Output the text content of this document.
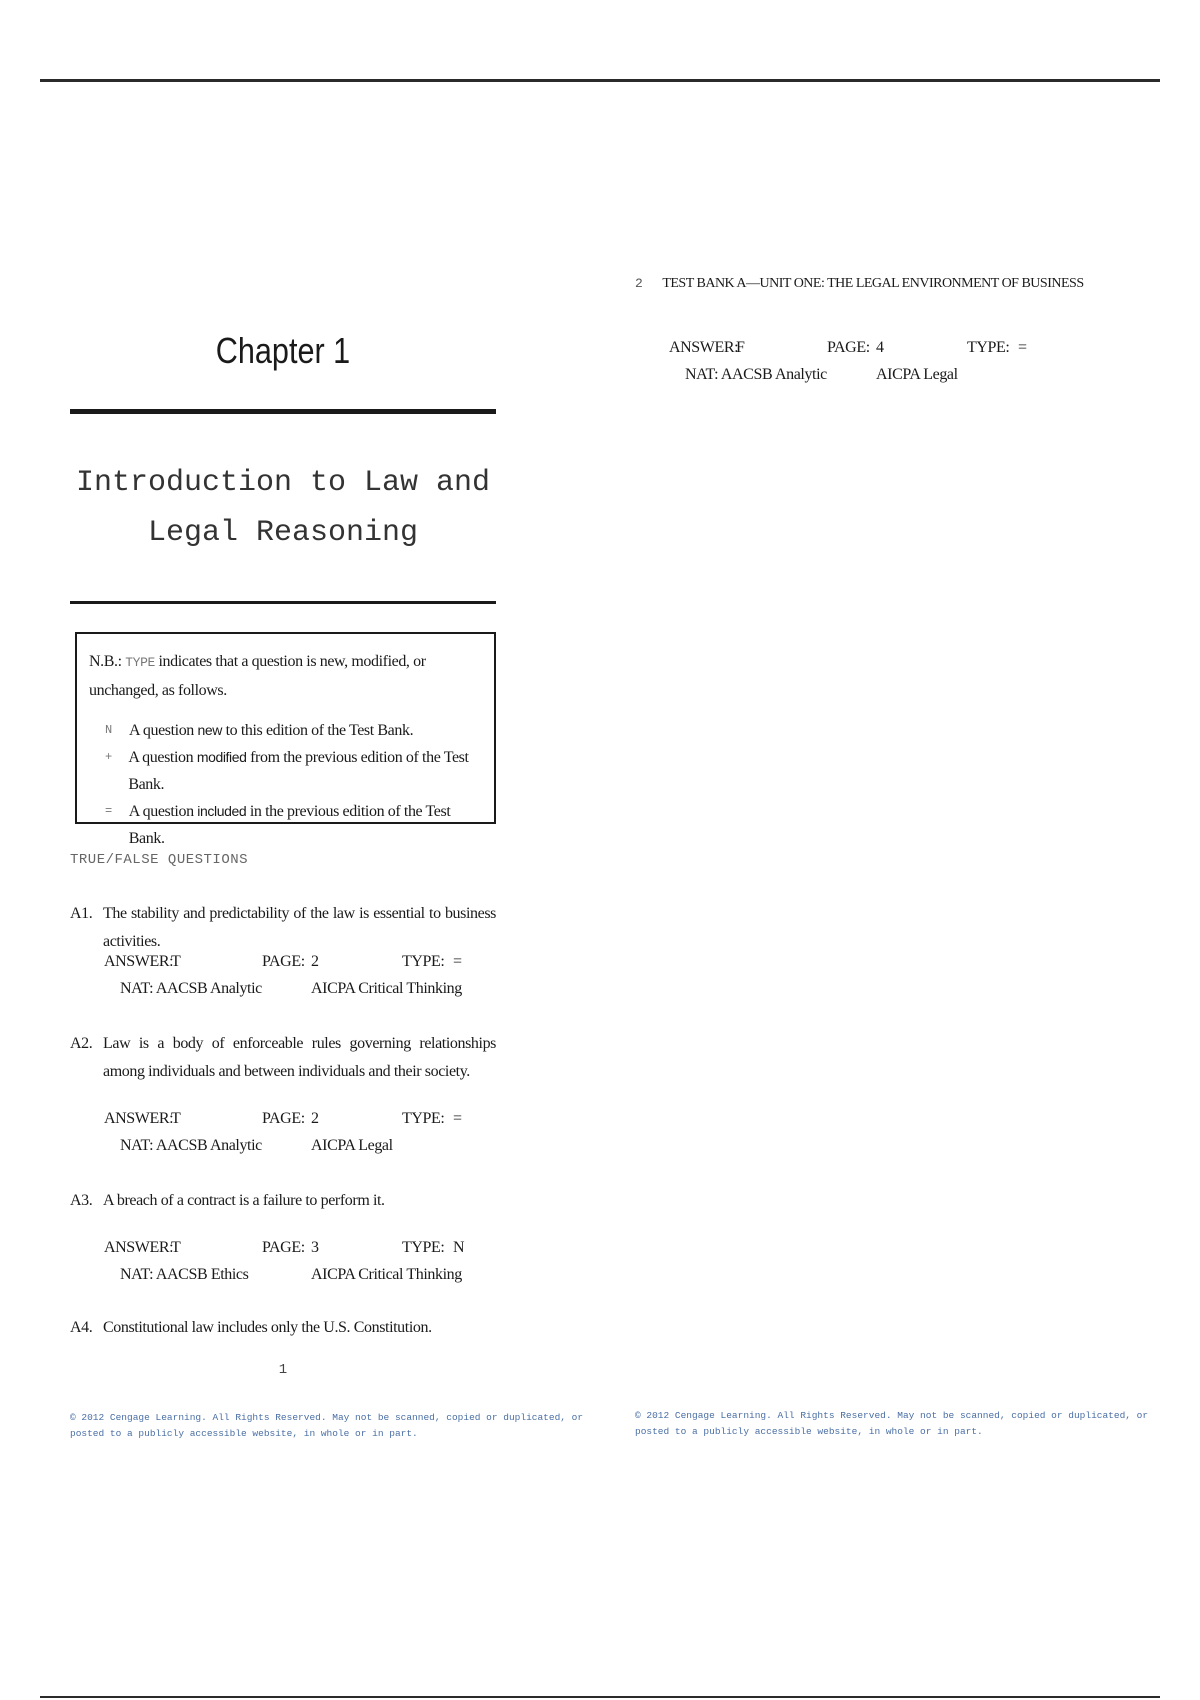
Chapter 1
Introduction to Law and
Legal Reasoning
N.B.: TYPE indicates that a question is new, modified, or unchanged, as follows.
N	A question new to this edition of the Test Bank.
+	A question modified from the previous edition of the Test Bank.
=	A question included in the previous edition of the Test Bank.
TRUE/FALSE QUESTIONS
A1. The stability and predictability of the law is essential to business activities.
ANSWER:
T	PAGE: 2	TYPE: =
NAT: AACSB Analytic	AICPA Critical Thinking
A2. Law is a body of enforceable rules governing relationships among individuals and between individuals and their society.
ANSWER:
T	PAGE: 2	TYPE: =
NAT: AACSB Analytic	AICPA Legal
A3. A breach of a contract is a failure to perform it.
ANSWER:
T	PAGE: 3	TYPE: N
NAT: AACSB Ethics	AICPA Critical Thinking
A4. Constitutional law includes only the U.S. Constitution.
1
© 2012 Cengage Learning. All Rights Reserved. May not be scanned, copied or duplicated, or
posted to a publicly accessible website, in whole or in part.
2 TEST BANK A—UNIT ONE: THE LEGAL ENVIRONMENT OF BUSINESS
ANSWER:
F	PAGE: 4	TYPE: =
NAT: AACSB Analytic	AICPA Legal
© 2012 Cengage Learning. All Rights Reserved. May not be scanned, copied or duplicated, or
posted to a publicly accessible website, in whole or in part.
